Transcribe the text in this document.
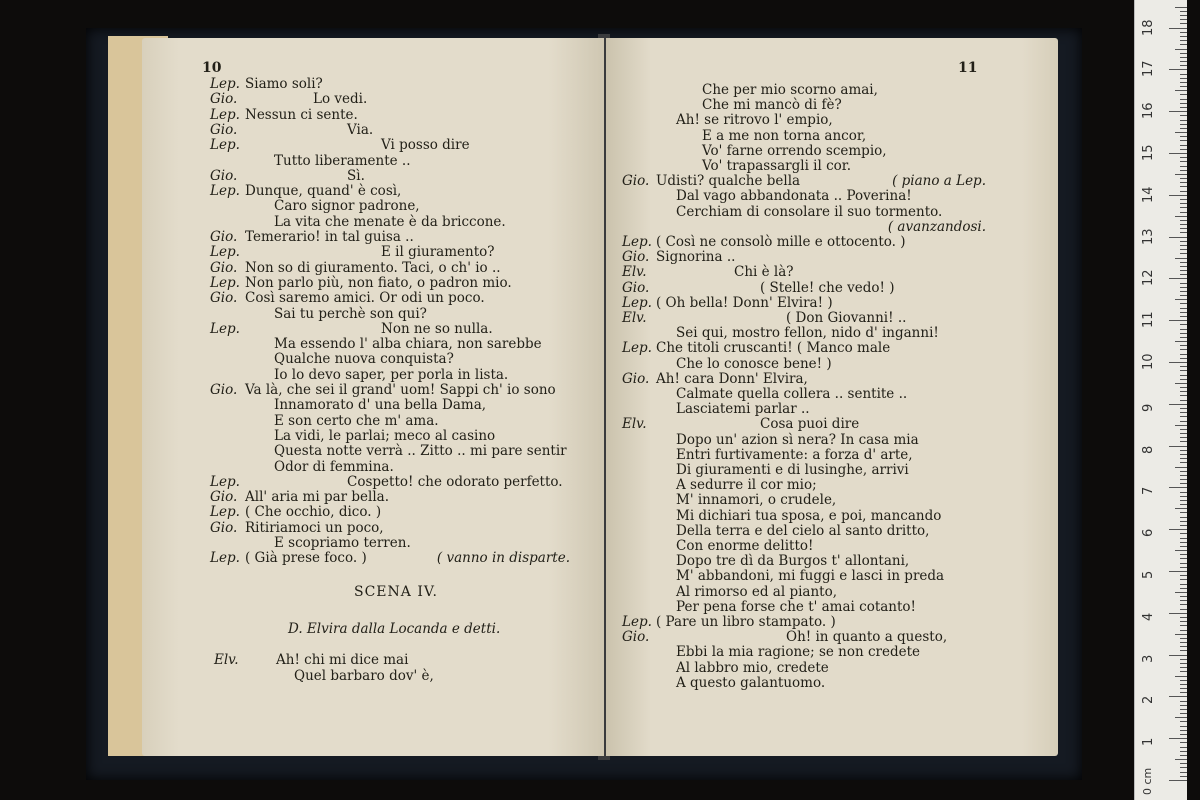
10
Lep. Siamo soli?
Gio.	Lo vedi.
Lep. Nessun ci sente.
Gio.	Via.
Lep.	Vi posso dire
Tutto liberamente ..
Gio.	Sì.
Lep. Dunque, quand' è così,
Caro signor padrone,
La vita che menate è da briccone.
Gio. Temerario! in tal guisa ..
Lep.	E il giuramento?
Gio. Non so di giuramento. Taci, o ch' io ..
Lep. Non parlo più, non fiato, o padron mio.
Gio. Così saremo amici. Or odi un poco.
Sai tu perchè son qui?
Lep.	Non ne so nulla.
Ma essendo l' alba chiara, non sarebbe
Qualche nuova conquista?
Io lo devo saper, per porla in lista.
Gio. Va là, che sei il grand' uom! Sappi ch' io sono
Innamorato d' una bella Dama,
E son certo che m' ama.
La vidi, le parlai; meco al casino
Questa notte verrà .. Zitto .. mi pare sentir
Odor di femmina.
Lep.	Cospetto! che odorato perfetto.
Gio. All' aria mi par bella.
Lep. ( Che occhio, dico. )
Gio. Ritiriamoci un poco,
E scopriamo terren.
Lep. ( Già prese foco. )	( vanno in disparte.
SCENA IV.
D. Elvira dalla Locanda e detti.
Elv.	Ah! chi mi dice mai
Quel barbaro dov' è,
11
Che per mio scorno amai,
Che mi mancò di fè?
Ah! se ritrovo l' empio,
E a me non torna ancor,
Vo' farne orrendo scempio,
Vo' trapassargli il cor.
Gio. Udisti? qualche bella	( piano a Lep.
Dal vago abbandonata .. Poverina!
Cerchiam di consolare il suo tormento.
( avanzandosi.
Lep. ( Così ne consolò mille e ottocento. )
Gio. Signorina ..
Elv.	Chi è là?
Gio.	( Stelle! che vedo! )
Lep. ( Oh bella! Donn' Elvira! )
Elv.	( Don Giovanni! ..
Sei qui, mostro fellon, nido d' inganni!
Lep. Che titoli cruscanti! ( Manco male
Che lo conosce bene! )
Gio. Ah! cara Donn' Elvira,
Calmate quella collera .. sentite ..
Lasciatemi parlar ..
Elv.	Cosa puoi dire
Dopo un' azion sì nera? In casa mia
Entri furtivamente: a forza d' arte,
Di giuramenti e di lusinghe, arrivi
A sedurre il cor mio;
M' innamori, o crudele,
Mi dichiari tua sposa, e poi, mancando
Della terra e del cielo al santo dritto,
Con enorme delitto!
Dopo tre dì da Burgos t' allontani,
M' abbandoni, mi fuggi e lasci in preda
Al rimorso ed al pianto,
Per pena forse che t' amai cotanto!
Lep. ( Pare un libro stampato. )
Gio.	Oh! in quanto a questo,
Ebbi la mia ragione; se non credete
Al labbro mio, credete
A questo galantuomo.
1
2
3
4
5
6
7
8
9
10
11
12
13
14
15
16
17
18
0 cm
